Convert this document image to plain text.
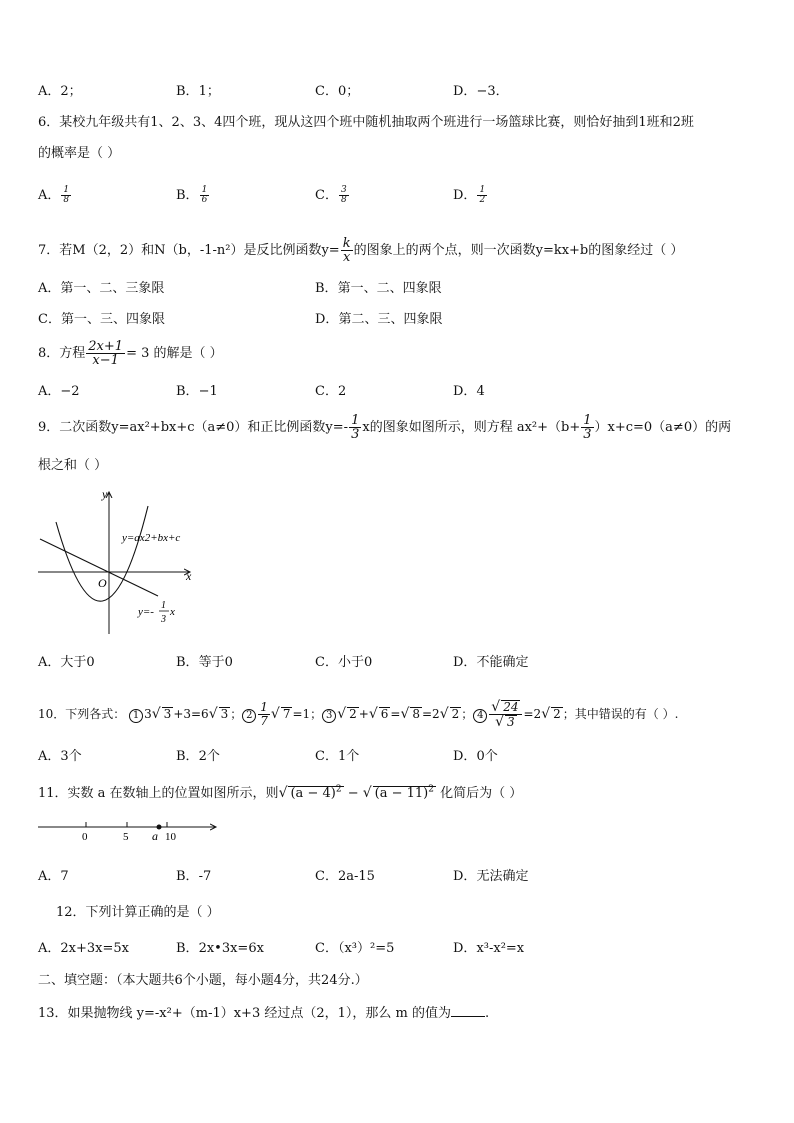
A．2；	B．1；	C．0；	D．−3．
6．某校九年级共有1、2、3、4四个班，现从这四个班中随机抽取两个班进行一场篮球比赛，则恰好抽到1班和2班
的概率是（ ）
A． $\frac{1}{8}$	B． $\frac{1}{6}$	C． $\frac{3}{8}$	D． $\frac{1}{2}$
7．若M（2，2）和N（b，-1-n²）是反比例函数$y= \frac{k}{x}$ 的图象上的两个点，则一次函数y=kx+b的图象经过（ ）
A．第一、二、三象限	B．第一、二、四象限
C．第一、三、四象限	D．第二、三、四象限
8．方程 $\frac{2x+1}{x-1} = 3$ 的解是（ ）
A．−2	B．−1	C．2	D．4
9．二次函数y=ax²+bx+c（a≠0）和正比例函数$y=- \frac{1}{3}$ x的图象如图所示，则方程 $ax^2+(b+ \frac{1}{3} )x+c=0(a\ne 0)$的两
根之和（ ）
y
x
O
y=ax2+bx+c
y=-
1
3
x
A．大于0	B．等于0	C．小于0	D．不能确定
10．下列各式： 1 3√ 3 +3=6√ 3 ； $2 \frac{1}{7}$ √ 7 =1； 3 √ 2 +√ 6 =√ 8 =2√ 2 ； $4 \frac{√ 24}{√ 3} =2√$ 2 ；其中错误的有（ ）.
A．3个	B．2个	C．1个	D．0个
11．实数 a 在数轴上的位置如图所示，则√ $(a - 4)^2$ − √ $(a - 11)^2$ 化简后为（ ）
0	5	10
a
A．7	B．-7	C．2a-15	D．无法确定
12．下列计算正确的是（ ）
A．2x+3x=5x	B．2x•3x=6x	C．（x³）²=5	D．x³-x²=x
二、填空题：（本大题共6个小题，每小题4分，共24分.）
13．如果抛物线 y=-x²+（m-1）x+3 经过点（2，1），那么 m 的值为	.
